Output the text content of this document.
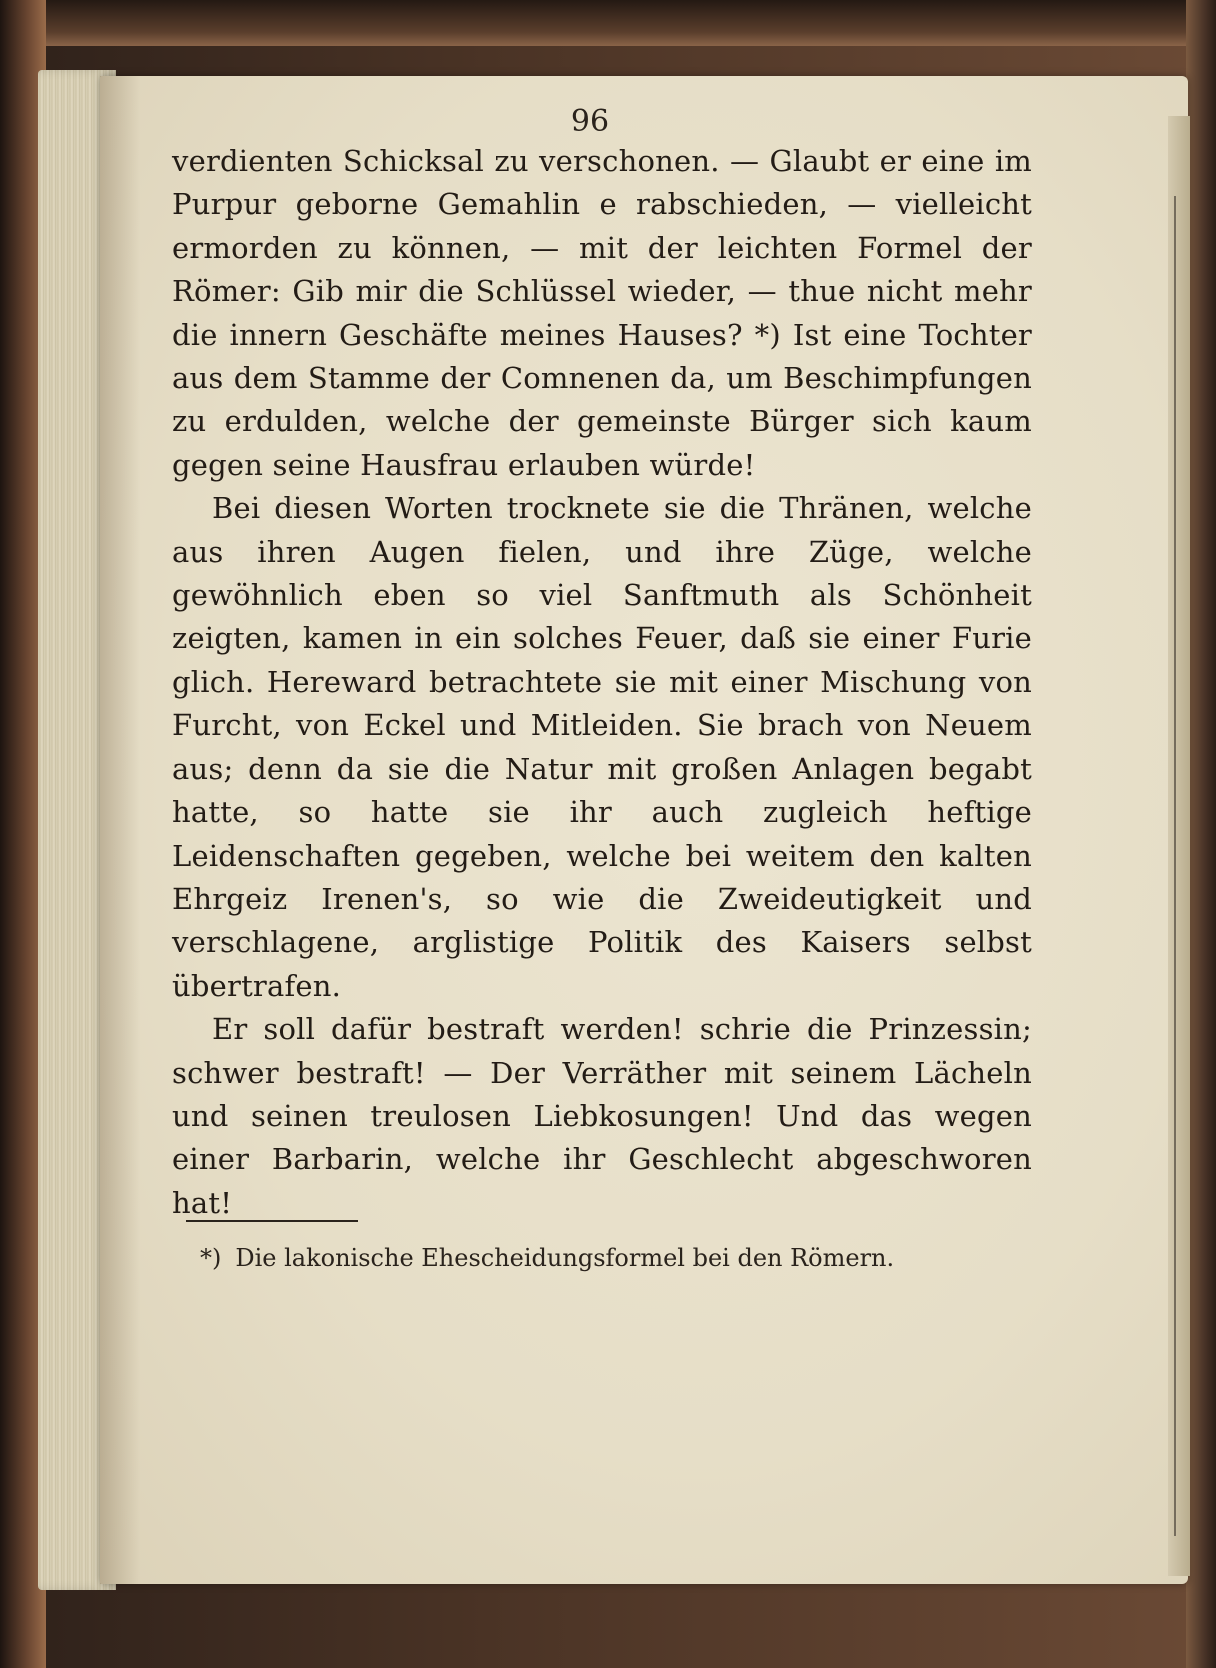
96

verdienten Schicksal zu verschonen. — Glaubt er eine im Purpur geborne Gemahlin e rabschieden, — vielleicht ermorden zu können, — mit der leichten Formel der Römer: Gib mir die Schlüssel wieder, — thue nicht mehr die innern Geschäfte meines Hauses? *) Ist eine Tochter aus dem Stamme der Comnenen da, um Beschimpfungen zu erdulden, welche der gemeinste Bürger sich kaum gegen seine Hausfrau erlauben würde!

Bei diesen Worten trocknete sie die Thränen, welche aus ihren Augen fielen, und ihre Züge, welche gewöhnlich eben so viel Sanftmuth als Schönheit zeigten, kamen in ein solches Feuer, daß sie einer Furie glich. Hereward betrachtete sie mit einer Mischung von Furcht, von Eckel und Mitleiden. Sie brach von Neuem aus; denn da sie die Natur mit großen Anlagen begabt hatte, so hatte sie ihr auch zugleich heftige Leidenschaften gegeben, welche bei weitem den kalten Ehrgeiz Irenen's, so wie die Zweideutigkeit und verschlagene, arglistige Politik des Kaisers selbst übertrafen.

Er soll dafür bestraft werden! schrie die Prinzessin; schwer bestraft! — Der Verräther mit seinem Lächeln und seinen treulosen Liebkosungen! Und das wegen einer Barbarin, welche ihr Geschlecht abgeschworen hat!

*) Die lakonische Ehescheidungsformel bei den Römern.
